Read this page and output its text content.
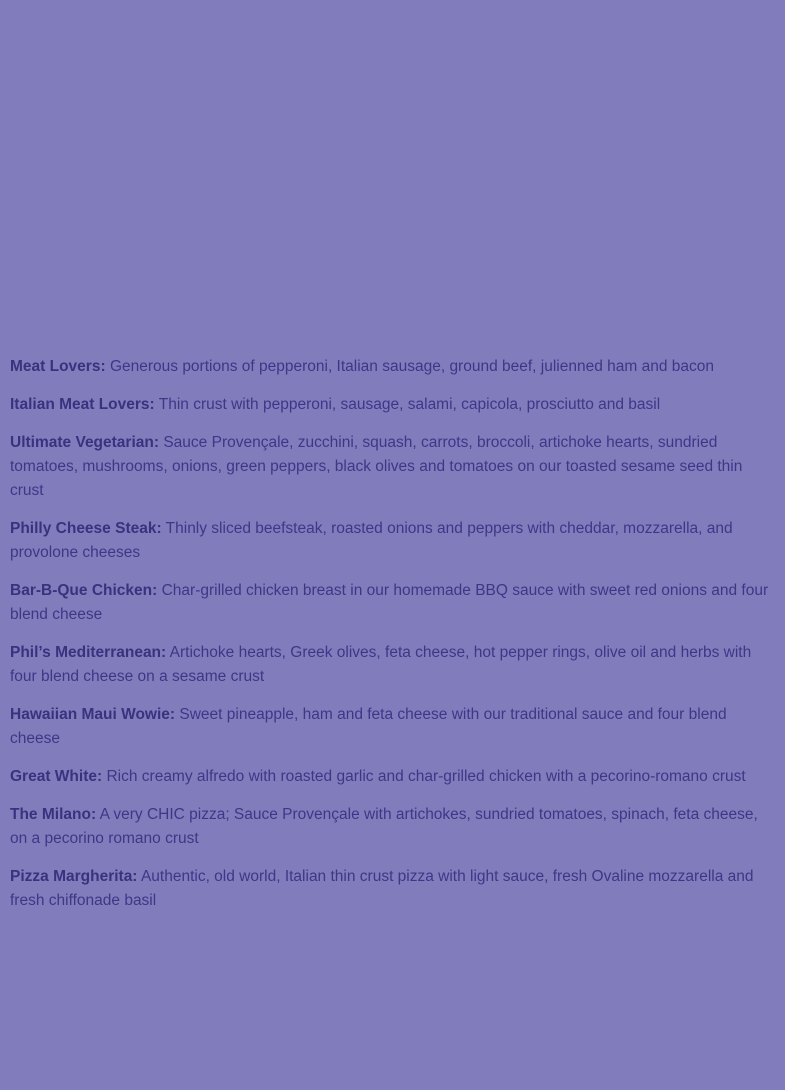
Meat Lovers: Generous portions of pepperoni, Italian sausage, ground beef, julienned ham and bacon

Italian Meat Lovers: Thin crust with pepperoni, sausage, salami, capicola, prosciutto and basil

Ultimate Vegetarian: Sauce Provençale, zucchini, squash, carrots, broccoli, artichoke hearts, sundried tomatoes, mushrooms, onions, green peppers, black olives and tomatoes on our toasted sesame seed thin crust

Philly Cheese Steak: Thinly sliced beefsteak, roasted onions and peppers with cheddar, mozzarella, and provolone cheeses

Bar-B-Que Chicken: Char-grilled chicken breast in our homemade BBQ sauce with sweet red onions and four blend cheese

Phil’s Mediterranean: Artichoke hearts, Greek olives, feta cheese, hot pepper rings, olive oil and herbs with four blend cheese on a sesame crust

Hawaiian Maui Wowie: Sweet pineapple, ham and feta cheese with our traditional sauce and four blend cheese

Great White: Rich creamy alfredo with roasted garlic and char-grilled chicken with a pecorino-romano crust

The Milano: A very CHIC pizza; Sauce Provençale with artichokes, sundried tomatoes, spinach, feta cheese, on a pecorino romano crust

Pizza Margherita: Authentic, old world, Italian thin crust pizza with light sauce, fresh Ovaline mozzarella and fresh chiffonade basil
